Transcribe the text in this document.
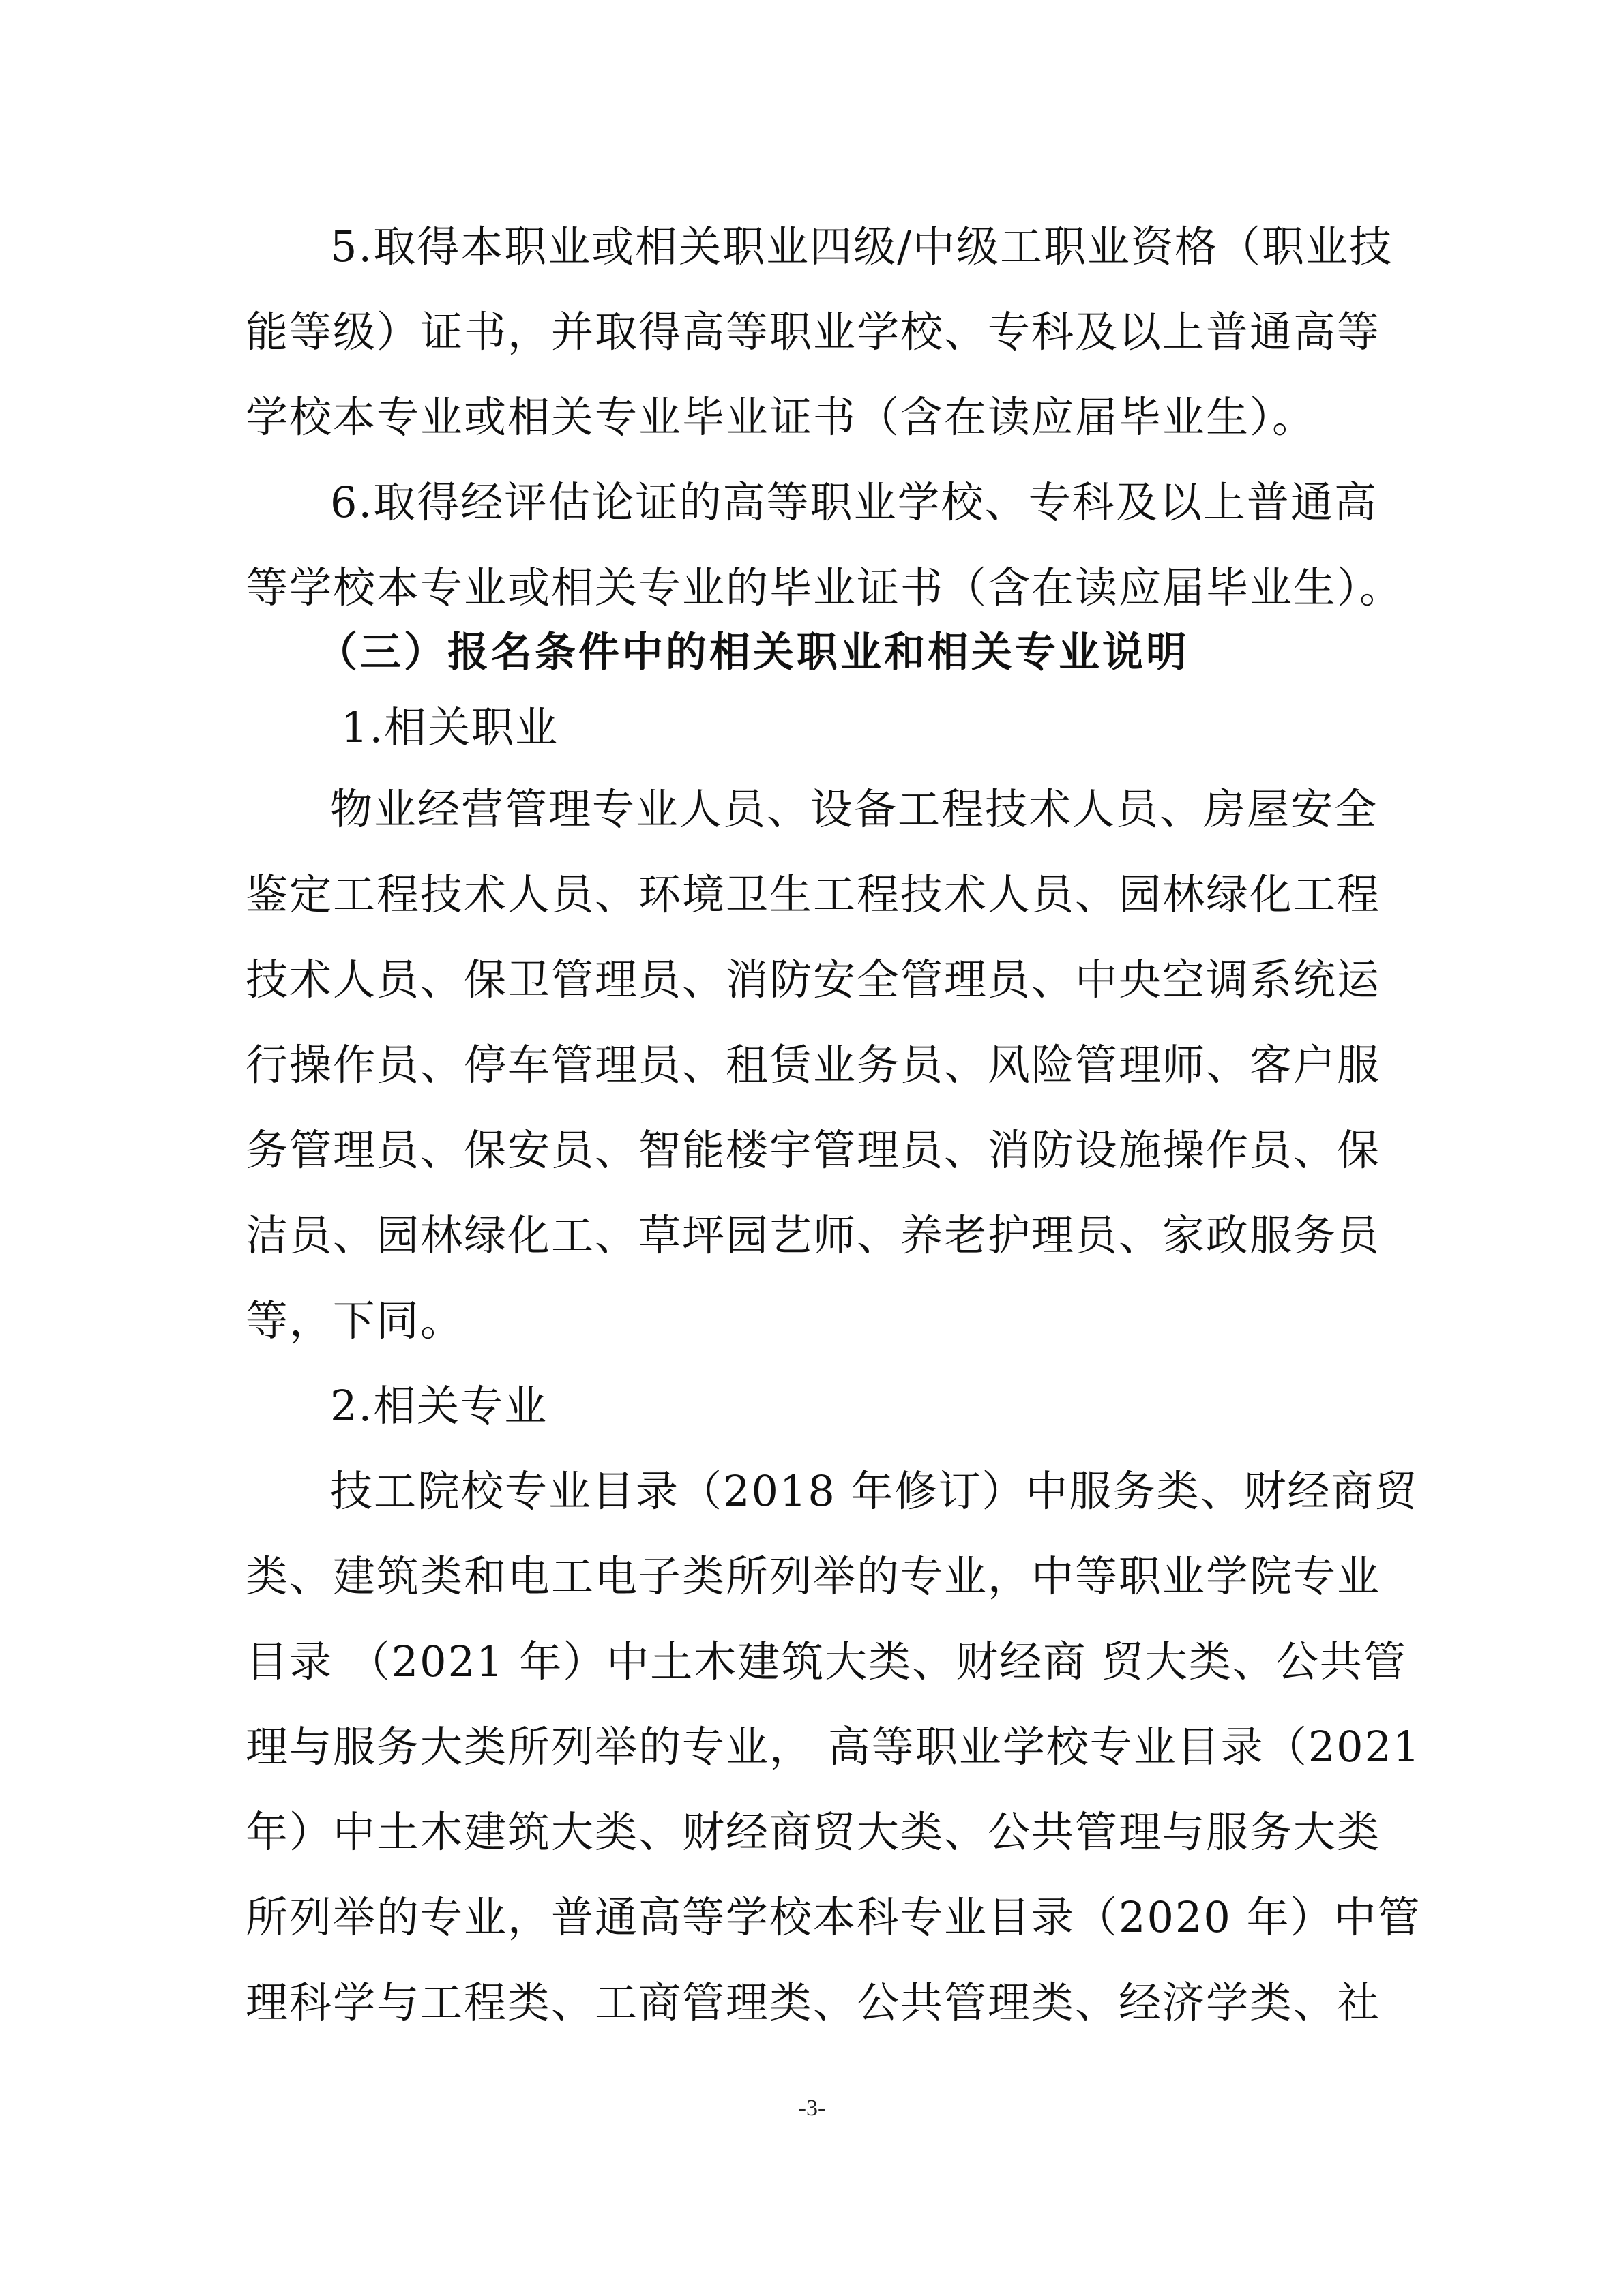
5.取得本职业或相关职业四级/中级工职业资格（职业技
能等级）证书，并取得高等职业学校、专科及以上普通高等
学校本专业或相关专业毕业证书（含在读应届毕业生）。
6.取得经评估论证的高等职业学校、专科及以上普通高
等学校本专业或相关专业的毕业证书（含在读应届毕业生）。
（三）报名条件中的相关职业和相关专业说明
1.相关职业
物业经营管理专业人员、设备工程技术人员、房屋安全
鉴定工程技术人员、环境卫生工程技术人员、园林绿化工程
技术人员、保卫管理员、消防安全管理员、中央空调系统运
行操作员、停车管理员、租赁业务员、风险管理师、客户服
务管理员、保安员、智能楼宇管理员、消防设施操作员、保
洁员、园林绿化工、草坪园艺师、养老护理员、家政服务员
等，下同。
2.相关专业
技工院校专业目录（2018 年修订）中服务类、财经商贸
类、建筑类和电工电子类所列举的专业，中等职业学院专业
目录 （2021 年）中土木建筑大类、财经商 贸大类、公共管
理与服务大类所列举的专业， 高等职业学校专业目录（2021
年）中土木建筑大类、财经商贸大类、公共管理与服务大类
所列举的专业，普通高等学校本科专业目录（2020 年）中管
理科学与工程类、工商管理类、公共管理类、经济学类、社
-3-
